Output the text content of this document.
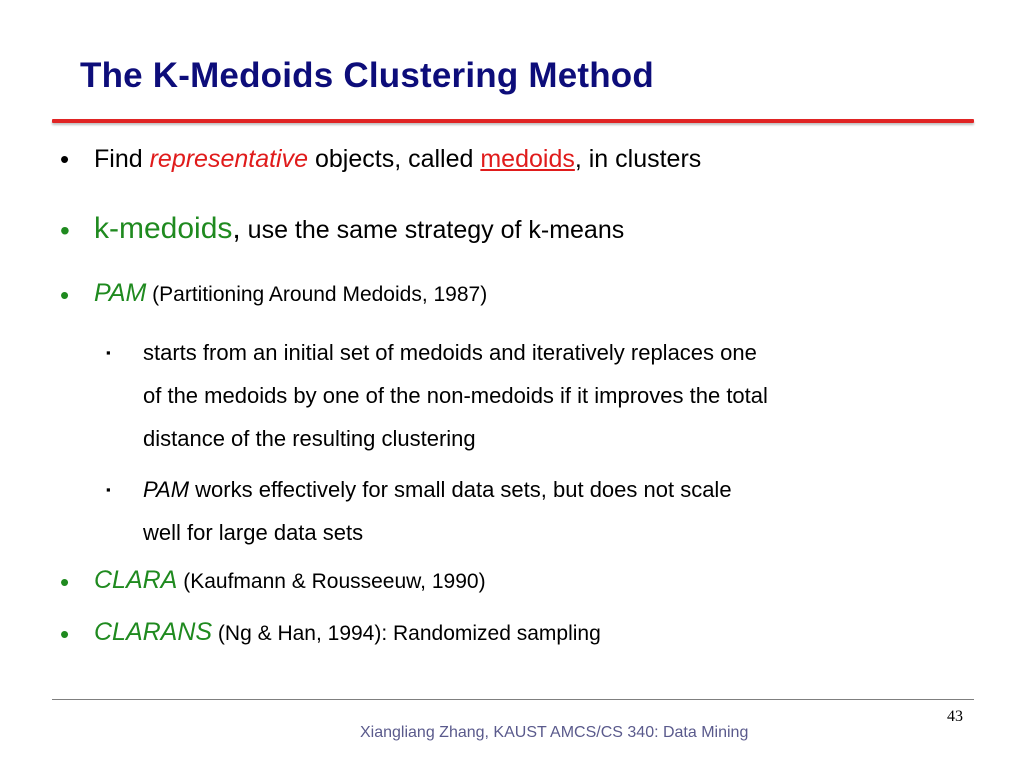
The K-Medoids Clustering Method
• Find representative objects, called medoids, in clusters
• k-medoids, use the same strategy of k-means
• PAM (Partitioning Around Medoids, 1987)
▪ starts from an initial set of medoids and iteratively replaces one
of the medoids by one of the non-medoids if it improves the total
distance of the resulting clustering
▪ PAM works effectively for small data sets, but does not scale
well for large data sets
• CLARA (Kaufmann & Rousseeuw, 1990)
• CLARANS (Ng & Han, 1994): Randomized sampling
43
Xiangliang Zhang, KAUST AMCS/CS 340: Data Mining
